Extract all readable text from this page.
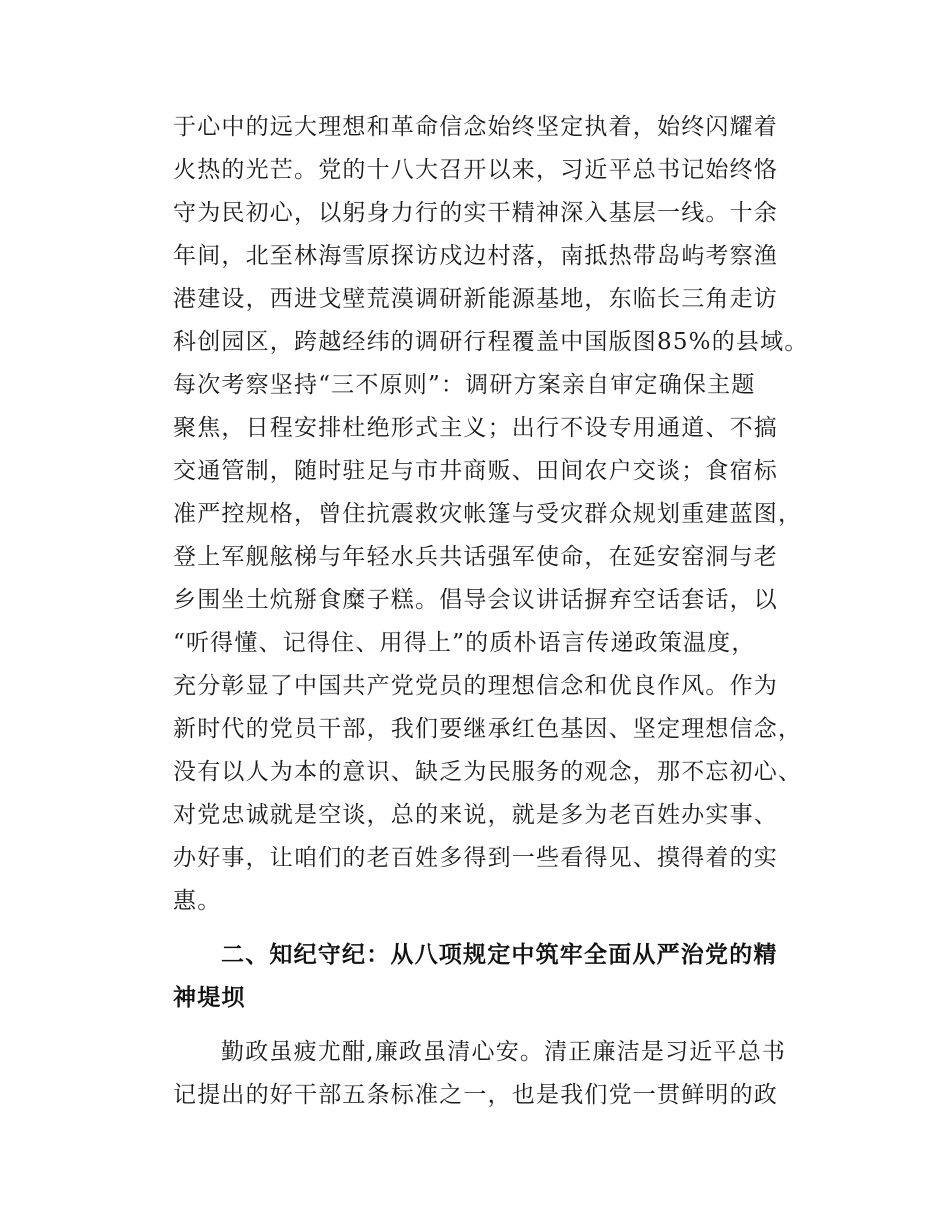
于心中的远大理想和革命信念始终坚定执着，始终闪耀着
火热的光芒。党的十八大召开以来，习近平总书记始终恪
守为民初心，以躬身力行的实干精神深入基层一线。十余
年间，北至林海雪原探访戍边村落，南抵热带岛屿考察渔
港建设，西进戈壁荒漠调研新能源基地，东临长三角走访
科创园区，跨越经纬的调研行程覆盖中国版图85%的县域。
每次考察坚持“三不原则”：调研方案亲自审定确保主题
聚焦，日程安排杜绝形式主义；出行不设专用通道、不搞
交通管制，随时驻足与市井商贩、田间农户交谈；食宿标
准严控规格，曾住抗震救灾帐篷与受灾群众规划重建蓝图，
登上军舰舷梯与年轻水兵共话强军使命，在延安窑洞与老
乡围坐土炕掰食糜子糕。倡导会议讲话摒弃空话套话，以
“听得懂、记得住、用得上”的质朴语言传递政策温度，
充分彰显了中国共产党党员的理想信念和优良作风。作为
新时代的党员干部，我们要继承红色基因、坚定理想信念，
没有以人为本的意识、缺乏为民服务的观念，那不忘初心、
对党忠诚就是空谈，总的来说，就是多为老百姓办实事、
办好事，让咱们的老百姓多得到一些看得见、摸得着的实
惠。
二、知纪守纪：从八项规定中筑牢全面从严治党的精
神堤坝
勤政虽疲尤酣,廉政虽清心安。清正廉洁是习近平总书
记提出的好干部五条标准之一，也是我们党一贯鲜明的政
